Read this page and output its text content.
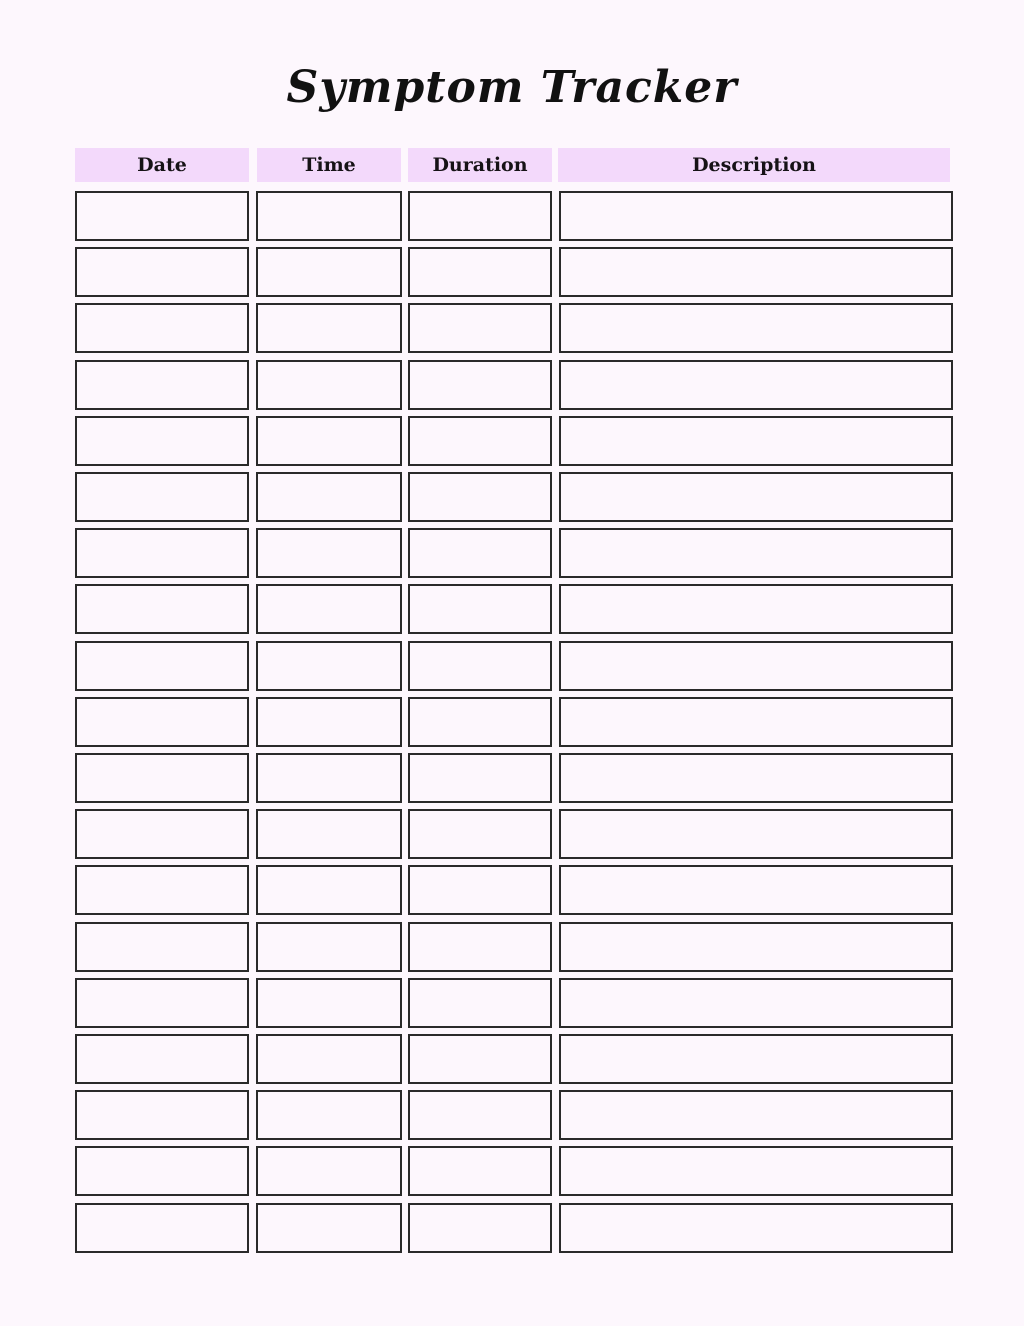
Symptom Tracker
Date	Time	Duration	Description
